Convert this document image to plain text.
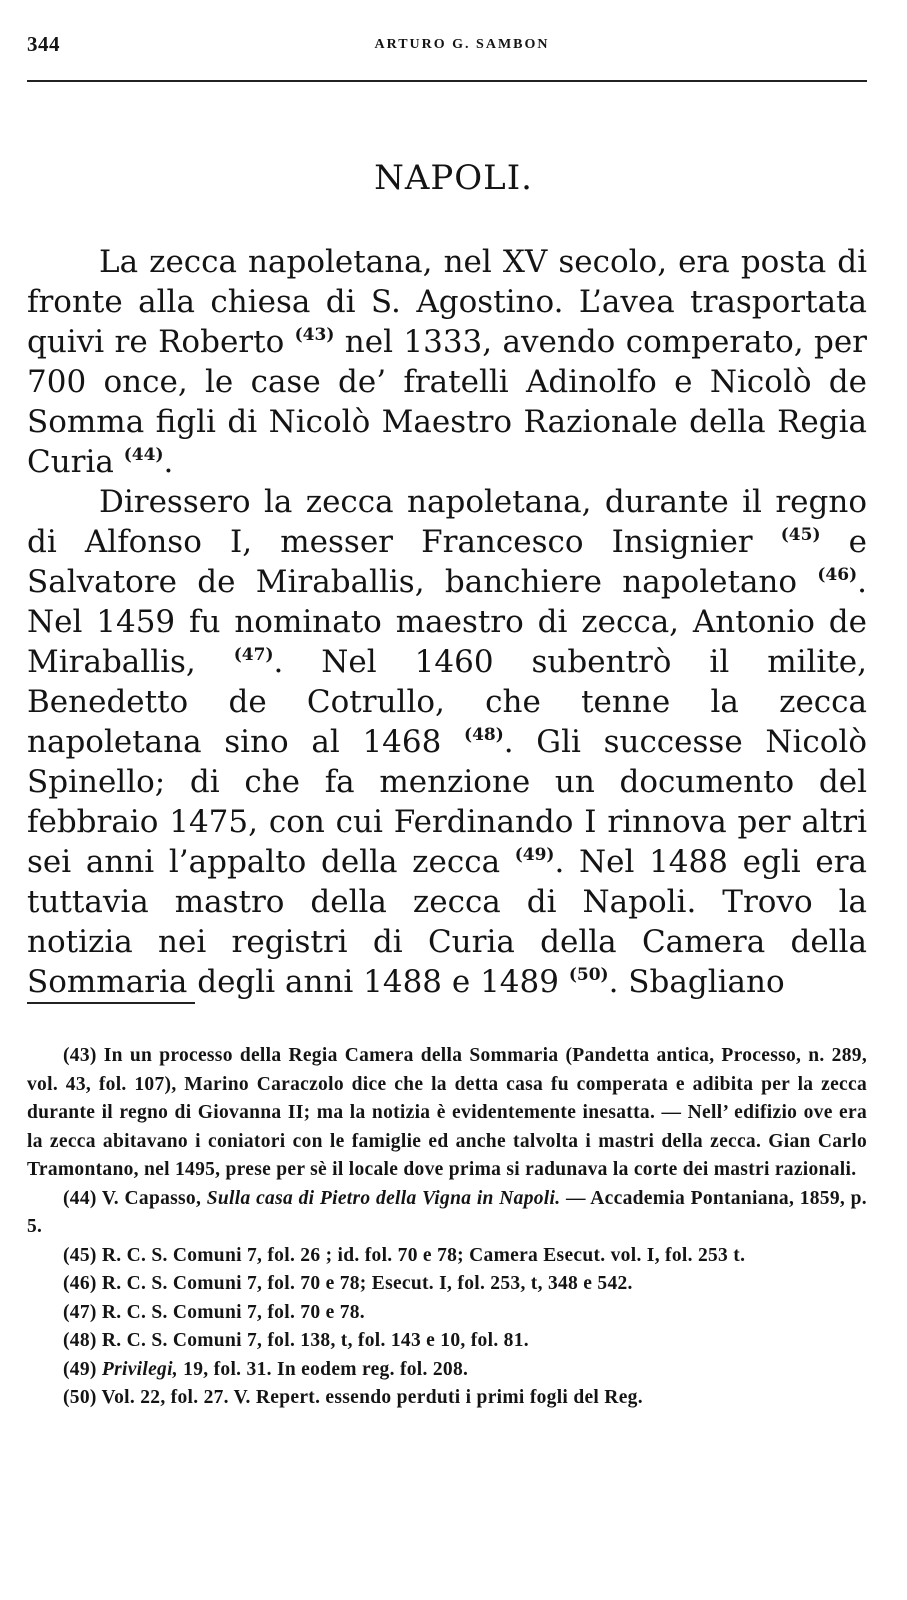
344	ARTURO G. SAMBON
NAPOLI.

La zecca napoletana, nel XV secolo, era posta di fronte alla chiesa di S. Agostino. L’avea trasportata quivi re Roberto $^{(43)}$ nel 1333, avendo comperato, per 700 once, le case de’ fratelli Adinolfo e Nicolò de Somma figli di Nicolò Maestro Razionale della Regia Curia $^{(44)}$.

Diressero la zecca napoletana, durante il regno di Alfonso I, messer Francesco Insignier $^{(45)}$ e Salvatore de Miraballis, banchiere napoletano $^{(46)}$. Nel 1459 fu nominato maestro di zecca, Antonio de Miraballis, $^{(47)}$. Nel 1460 subentrò il milite, Benedetto de Cotrullo, che tenne la zecca napoletana sino al 1468 $^{(48)}$. Gli successe Nicolò Spinello; di che fa menzione un documento del febbraio 1475, con cui Ferdinando I rinnova per altri sei anni l’appalto della zecca $^{(49)}$. Nel 1488 egli era tuttavia mastro della zecca di Napoli. Trovo la notizia nei registri di Curia della Camera della Sommaria degli anni 1488 e 1489 $^{(50)}$. Sbagliano

(43) In un processo della Regia Camera della Sommaria (Pandetta antica, Processo, n. 289, vol. 43, fol. 107), Marino Caraczolo dice che la detta casa fu comperata e adibita per la zecca durante il regno di Giovanna II; ma la notizia è evidentemente inesatta. — Nell’ edifizio ove era la zecca abitavano i coniatori con le famiglie ed anche talvolta i mastri della zecca. Gian Carlo Tramontano, nel 1495, prese per sè il locale dove prima si radunava la corte dei mastri razionali.

(44) V. Capasso, Sulla casa di Pietro della Vigna in Napoli. — Accademia Pontaniana, 1859, p. 5.

(45) R. C. S. Comuni 7, fol. 26 ; id. fol. 70 e 78; Camera Esecut. vol. I, fol. 253 t.

(46) R. C. S. Comuni 7, fol. 70 e 78; Esecut. I, fol. 253, t, 348 e 542.

(47) R. C. S. Comuni 7, fol. 70 e 78.

(48) R. C. S. Comuni 7, fol. 138, t, fol. 143 e 10, fol. 81.

(49) Privilegi, 19, fol. 31. In eodem reg. fol. 208.

(50) Vol. 22, fol. 27. V. Repert. essendo perduti i primi fogli del Reg.
